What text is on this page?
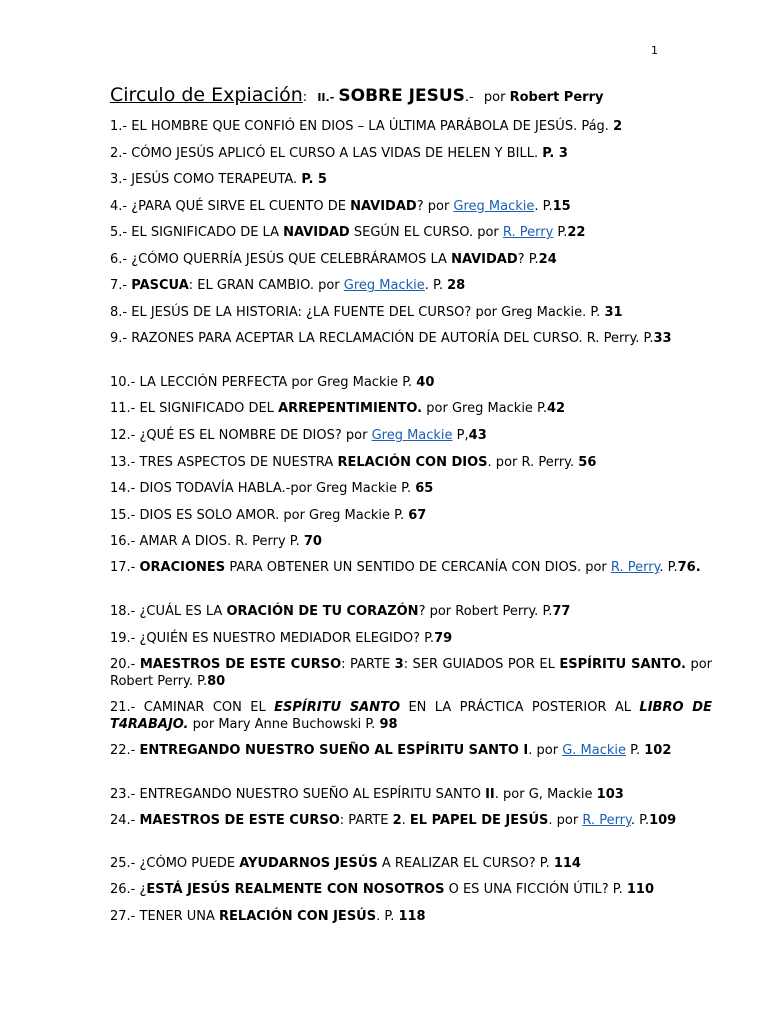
1
Circulo de Expiación: II.- SOBRE JESUS.- por Robert Perry
1.- EL HOMBRE QUE CONFIÓ EN DIOS – LA ÚLTIMA PARÁBOLA DE JESÚS. Pág. 2
2.- CÓMO JESÚS APLICÓ EL CURSO A LAS VIDAS DE HELEN Y BILL. P. 3
3.- JESÚS COMO TERAPEUTA. P. 5
4.- ¿PARA QUÉ SIRVE EL CUENTO DE NAVIDAD? por Greg Mackie. P.15
5.- EL SIGNIFICADO DE LA NAVIDAD SEGÚN EL CURSO. por R. Perry P.22
6.- ¿CÓMO QUERRÍA JESÚS QUE CELEBRÁRAMOS LA NAVIDAD? P.24
7.- PASCUA: EL GRAN CAMBIO. por Greg Mackie. P. 28
8.- EL JESÚS DE LA HISTORIA: ¿LA FUENTE DEL CURSO? por Greg Mackie. P. 31
9.- RAZONES PARA ACEPTAR LA RECLAMACIÓN DE AUTORÍA DEL CURSO. R. Perry. P.33
10.- LA LECCIÓN PERFECTA por Greg Mackie P. 40
11.- EL SIGNIFICADO DEL ARREPENTIMIENTO. por Greg Mackie P.42
12.- ¿QUÉ ES EL NOMBRE DE DIOS? por Greg Mackie P,43
13.- TRES ASPECTOS DE NUESTRA RELACIÓN CON DIOS. por R. Perry. 56
14.- DIOS TODAVÍA HABLA.-por Greg Mackie P. 65
15.- DIOS ES SOLO AMOR. por Greg Mackie P. 67
16.- AMAR A DIOS. R. Perry P. 70
17.- ORACIONES PARA OBTENER UN SENTIDO DE CERCANÍA CON DIOS. por R. Perry. P.76.
18.- ¿CUÁL ES LA ORACIÓN DE TU CORAZÓN? por Robert Perry. P.77
19.- ¿QUIÉN ES NUESTRO MEDIADOR ELEGIDO? P.79
20.- MAESTROS DE ESTE CURSO: PARTE 3: SER GUIADOS POR EL ESPÍRITU SANTO. por Robert Perry. P.80
21.- CAMINAR CON EL ESPÍRITU SANTO EN LA PRÁCTICA POSTERIOR AL LIBRO DE T4RABAJO. por Mary Anne Buchowski P. 98
22.- ENTREGANDO NUESTRO SUEÑO AL ESPÍRITU SANTO I. por G. Mackie P. 102
23.- ENTREGANDO NUESTRO SUEÑO AL ESPÍRITU SANTO II. por G, Mackie 103
24.- MAESTROS DE ESTE CURSO: PARTE 2. EL PAPEL DE JESÚS. por R. Perry. P.109
25.- ¿CÓMO PUEDE AYUDARNOS JESÚS A REALIZAR EL CURSO? P. 114
26.- ¿ESTÁ JESÚS REALMENTE CON NOSOTROS O ES UNA FICCIÓN ÚTIL? P. 110
27.- TENER UNA RELACIÓN CON JESÚS. P. 118
